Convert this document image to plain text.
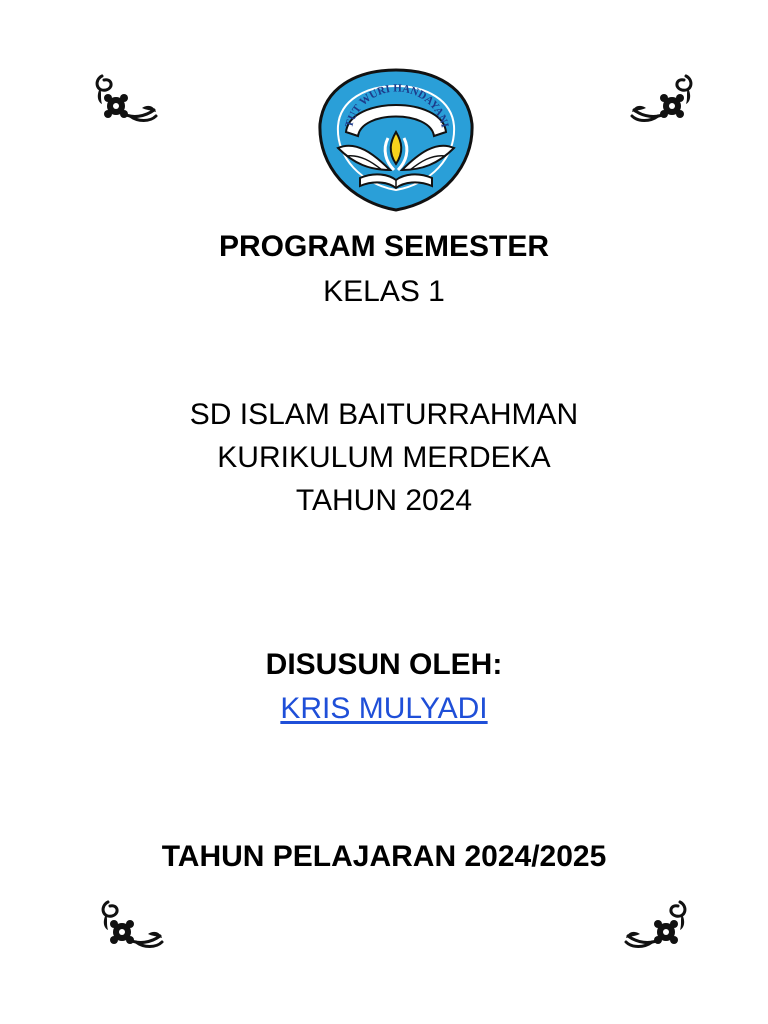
TUT WURI HANDAYANI
PROGRAM SEMESTER
KELAS 1
SD ISLAM BAITURRAHMAN
KURIKULUM MERDEKA
TAHUN 2024
DISUSUN OLEH:
KRIS MULYADI
TAHUN PELAJARAN 2024/2025
